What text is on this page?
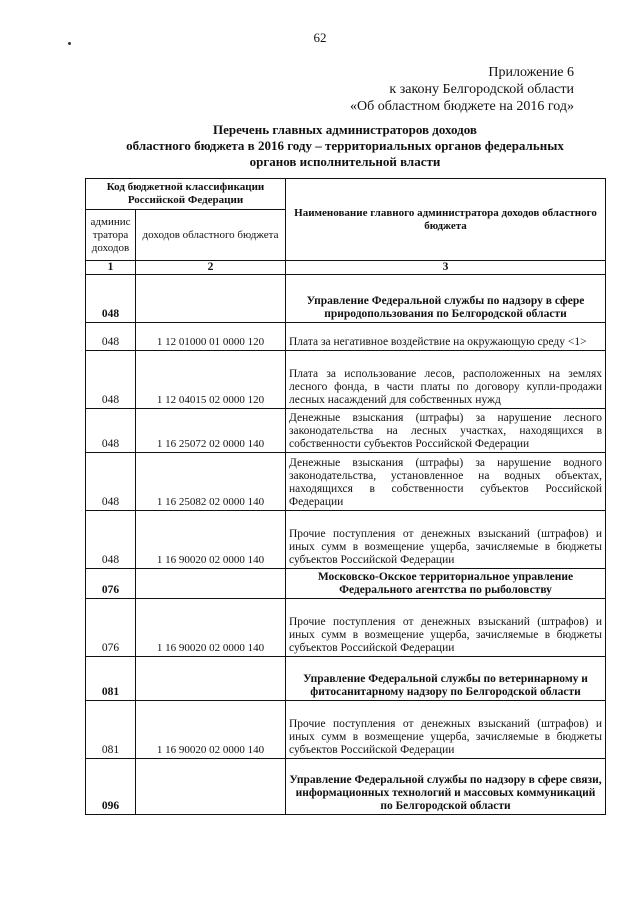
62
Приложение 6
к закону Белгородской области
«Об областном бюджете на 2016 год»
Перечень главных администраторов доходов
областного бюджета в 2016 году – территориальных органов федеральных
органов исполнительной власти
Код бюджетной классификации Российской Федерации		Наименование главного администратора доходов областного бюджета
админис тратора доходов	доходов областного бюджета	
1	2	3
048		Управление Федеральной службы по надзору в сфере природопользования по Белгородской области
048	1 12 01000 01 0000 120	Плата за негативное воздействие на окружающую среду <1>
048	1 12 04015 02 0000 120	Плата за использование лесов, расположенных на землях лесного фонда, в части платы по договору купли-продажи лесных насаждений для собственных нужд
048	1 16 25072 02 0000 140	Денежные взыскания (штрафы) за нарушение лесного законодательства на лесных участках, находящихся в собственности субъектов Российской Федерации
048	1 16 25082 02 0000 140	Денежные взыскания (штрафы) за нарушение водного законодательства, установленное на водных объектах, находящихся в собственности субъектов Российской Федерации
048	1 16 90020 02 0000 140	Прочие поступления от денежных взысканий (штрафов) и иных сумм в возмещение ущерба, зачисляемые в бюджеты субъектов Российской Федерации
076		Московско-Окское территориальное управление Федерального агентства по рыболовству
076	1 16 90020 02 0000 140	Прочие поступления от денежных взысканий (штрафов) и иных сумм в возмещение ущерба, зачисляемые в бюджеты субъектов Российской Федерации
081		Управление Федеральной службы по ветеринарному и фитосанитарному надзору по Белгородской области
081	1 16 90020 02 0000 140	Прочие поступления от денежных взысканий (штрафов) и иных сумм в возмещение ущерба, зачисляемые в бюджеты субъектов Российской Федерации
096		Управление Федеральной службы по надзору в сфере связи, информационных технологий и массовых коммуникаций по Белгородской области
